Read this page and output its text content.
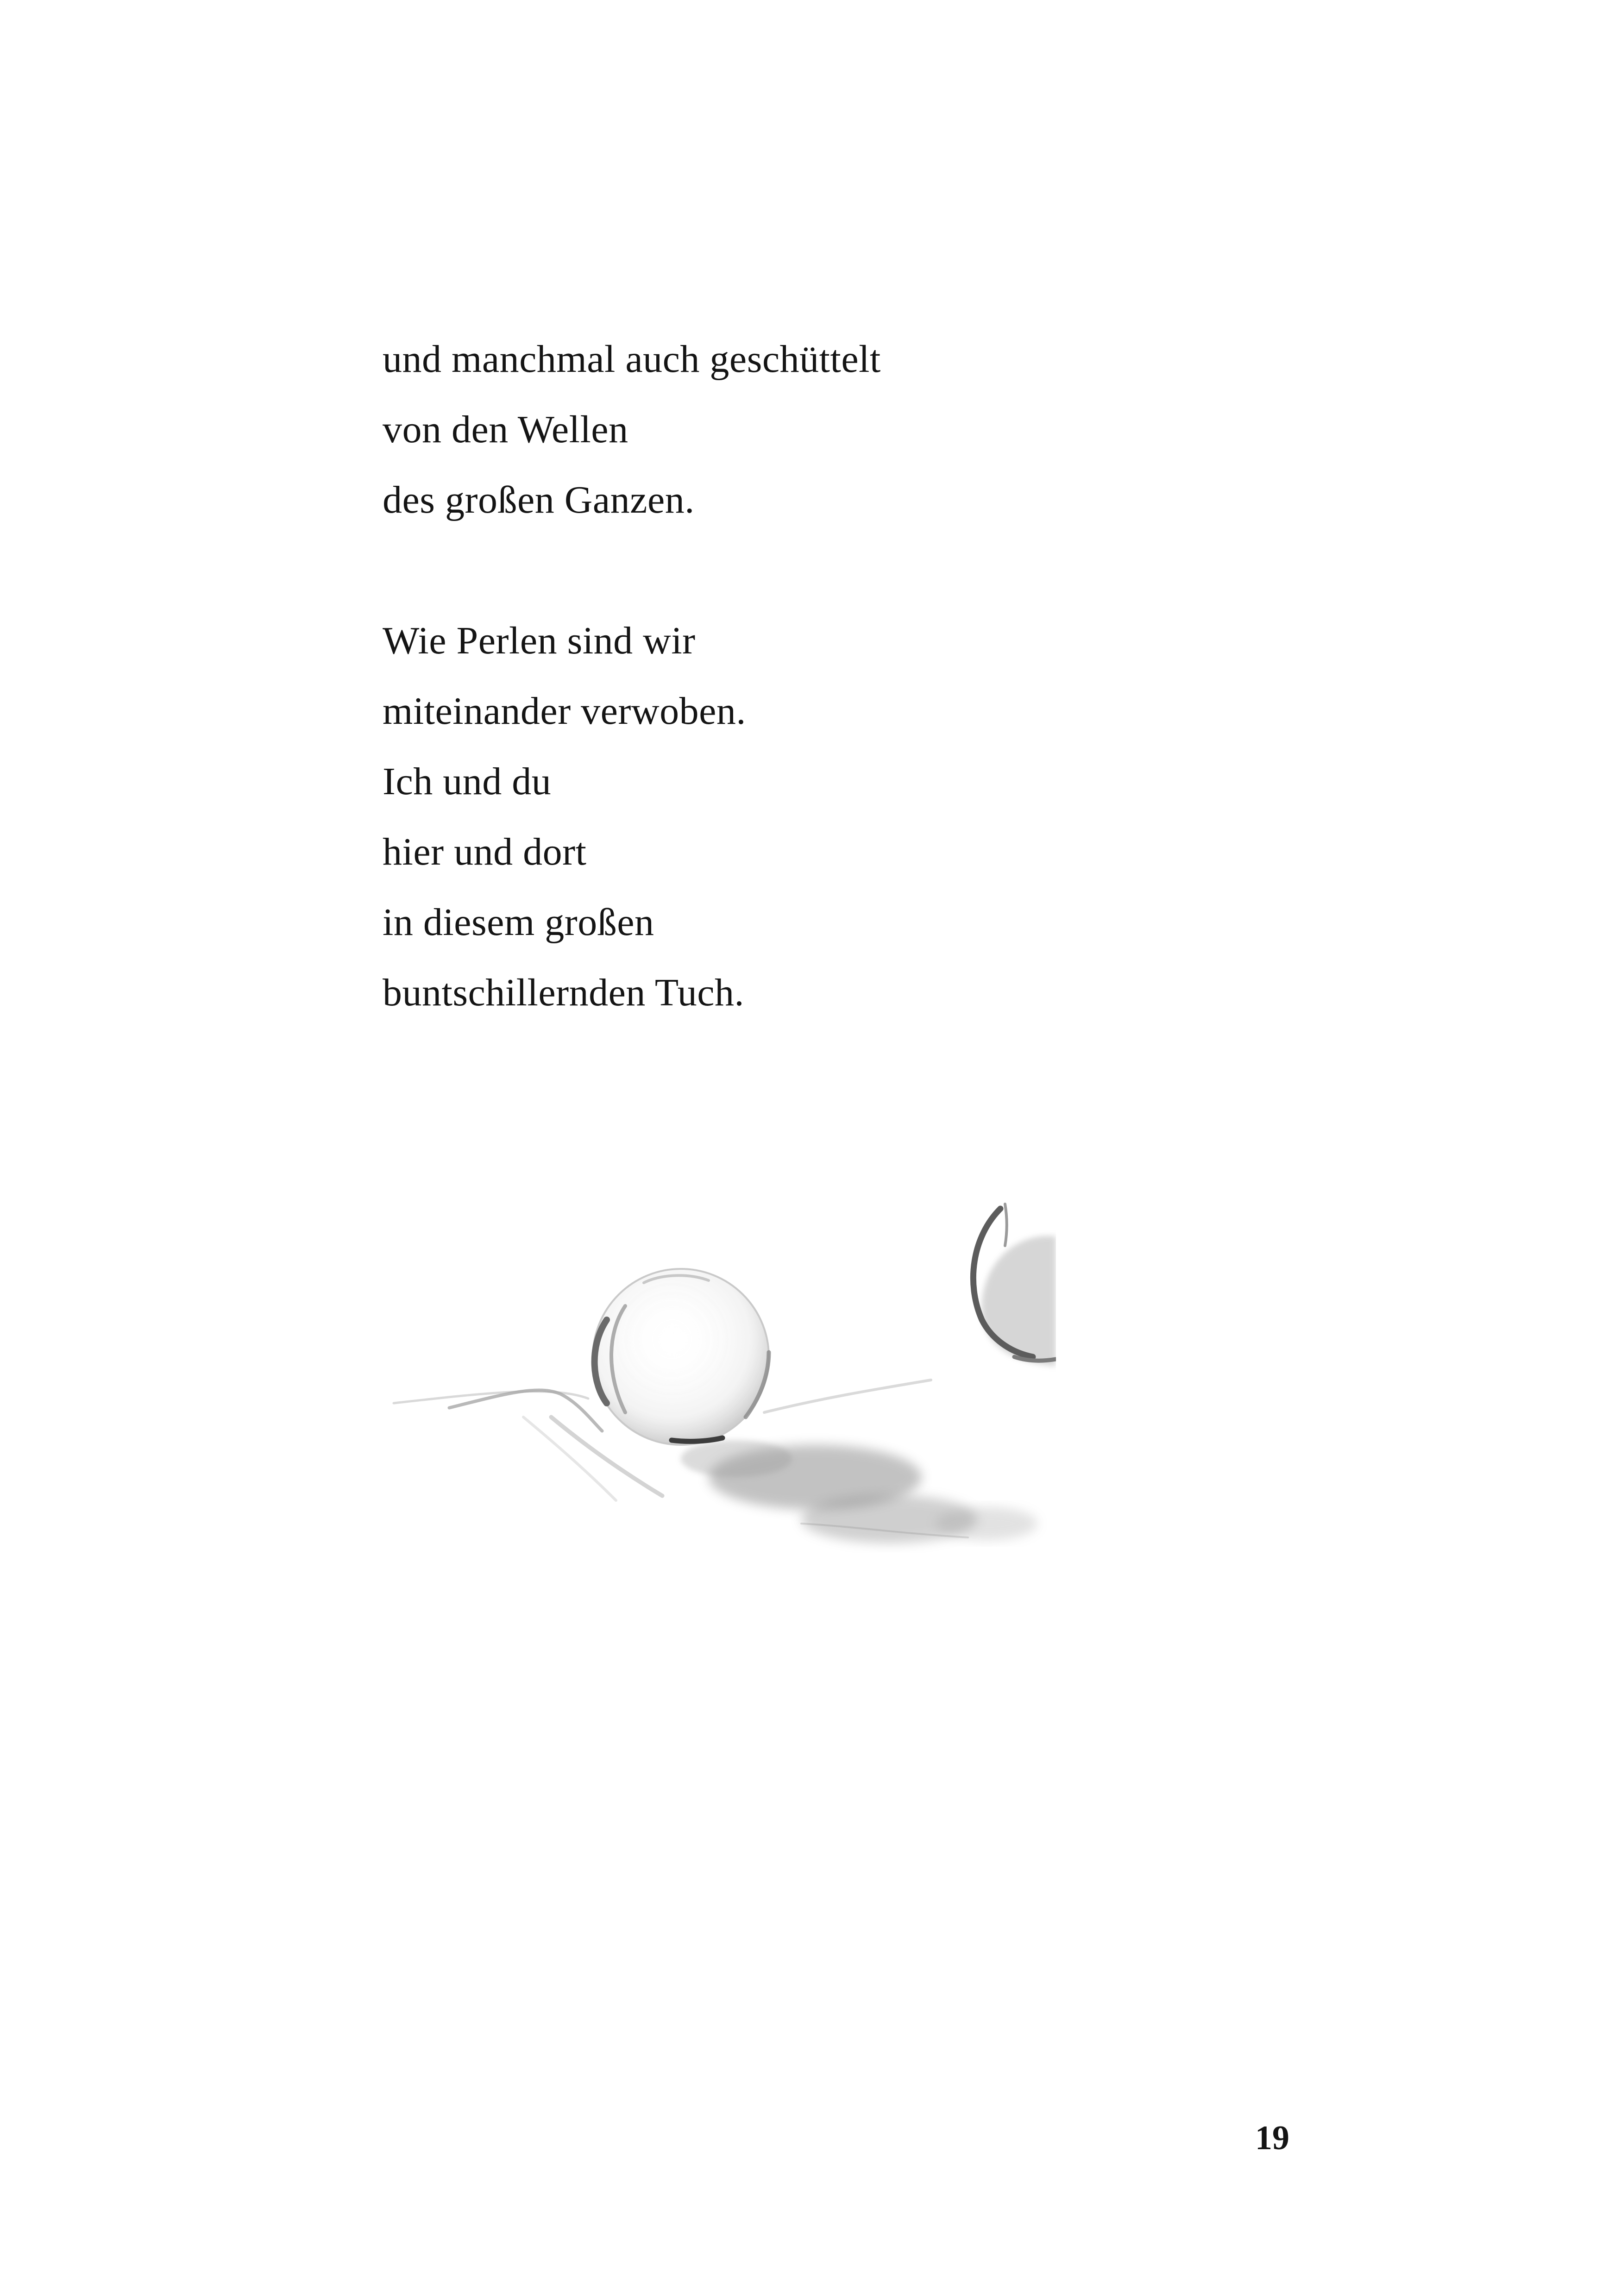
und manchmal auch geschüttelt
von den Wellen
des großen Ganzen.
Wie Perlen sind wir
miteinander verwoben.
Ich und du
hier und dort
in diesem großen
buntschillernden Tuch.
19
